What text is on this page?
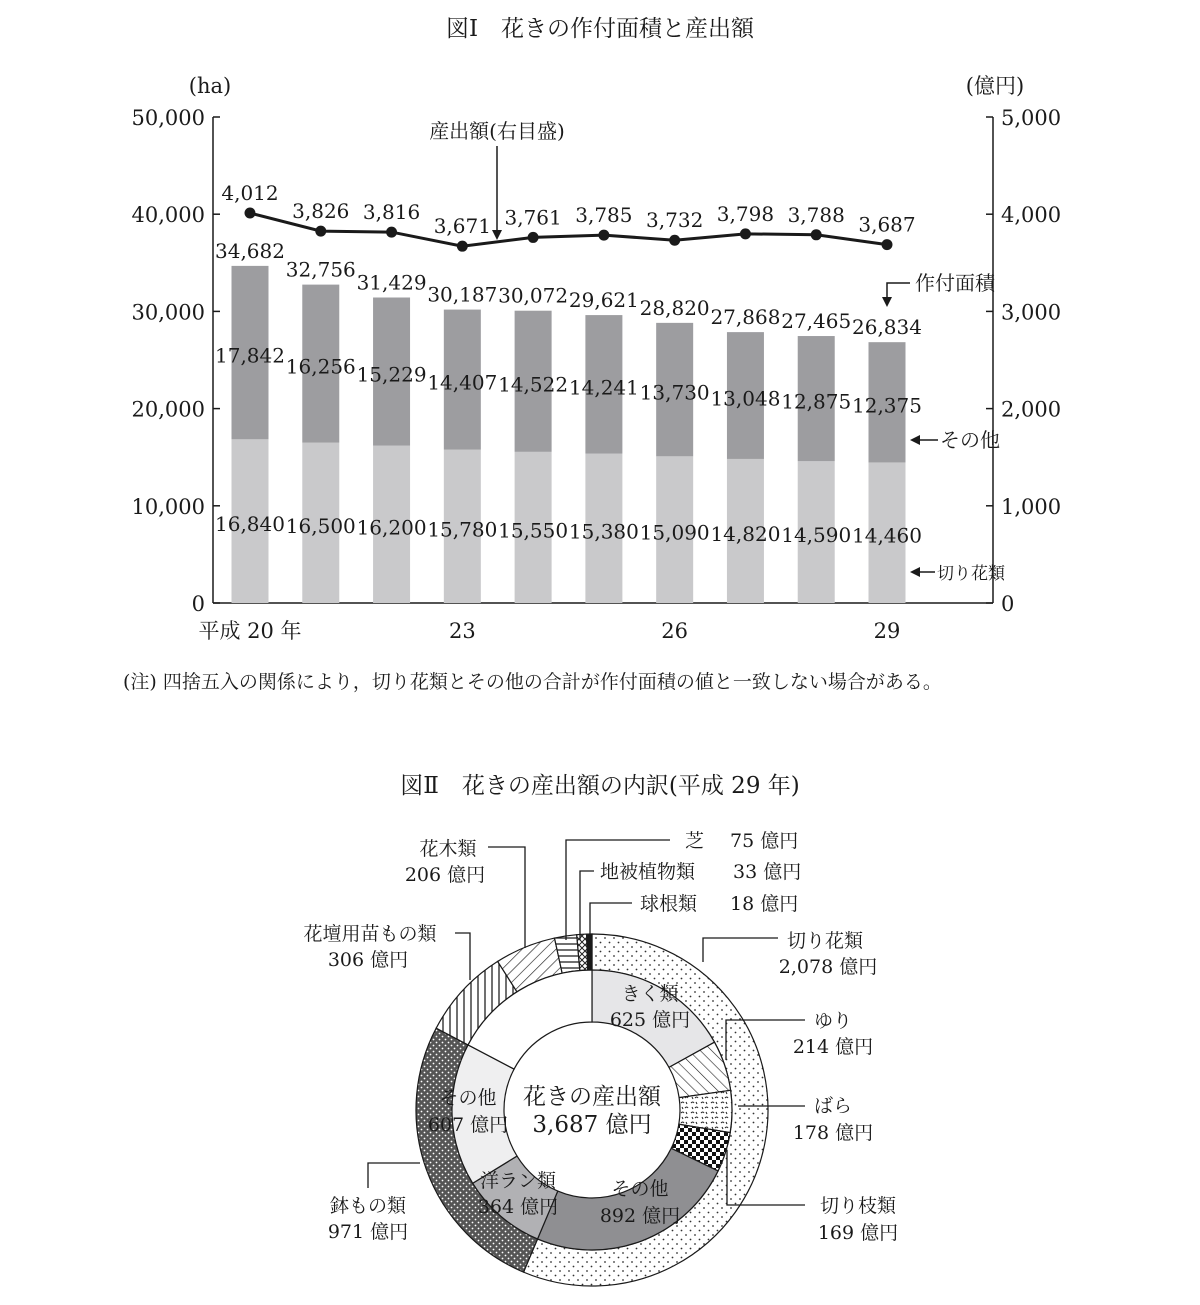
図Ⅰ　花きの作付面積と産出額
(ha)	(億円)
50,000	5,000
40,000	4,000
30,000	3,000
20,000	2,000
10,000	1,000
0	0
16,840
17,842
34,682
16,500
16,256
32,756
16,200
15,229
31,429
15,780
14,407
30,187
15,550
14,522
30,072
15,380
14,241
29,621
15,090
13,730
28,820
14,820
13,048
27,868
14,590
12,875
27,465
14,460
12,375
26,834
4,012
3,826 3,816
3,671 3,761 3,785 3,732 3,798 3,788 3,687
平成 20 年	23	26	29
産出額(右目盛)
作付面積
その他
切り花類
(注) 四捨五入の関係により，切り花類とその他の合計が作付面積の値と一致しない場合がある。
図Ⅱ　花きの産出額の内訳(平成 29 年)
花きの産出額
3,687 億円
切り花類
2,078 億円
鉢もの類
971 億円
花壇用苗もの類
306 億円
花木類
206 億円
芝 75 億円
地被植物類 33 億円
球根類 18 億円
きく類
625 億円	ゆり
214 億円
ばら
178 億円
切り枝類
169 億円
その他
892 億円
洋ラン類
364 億円
その他
607 億円
